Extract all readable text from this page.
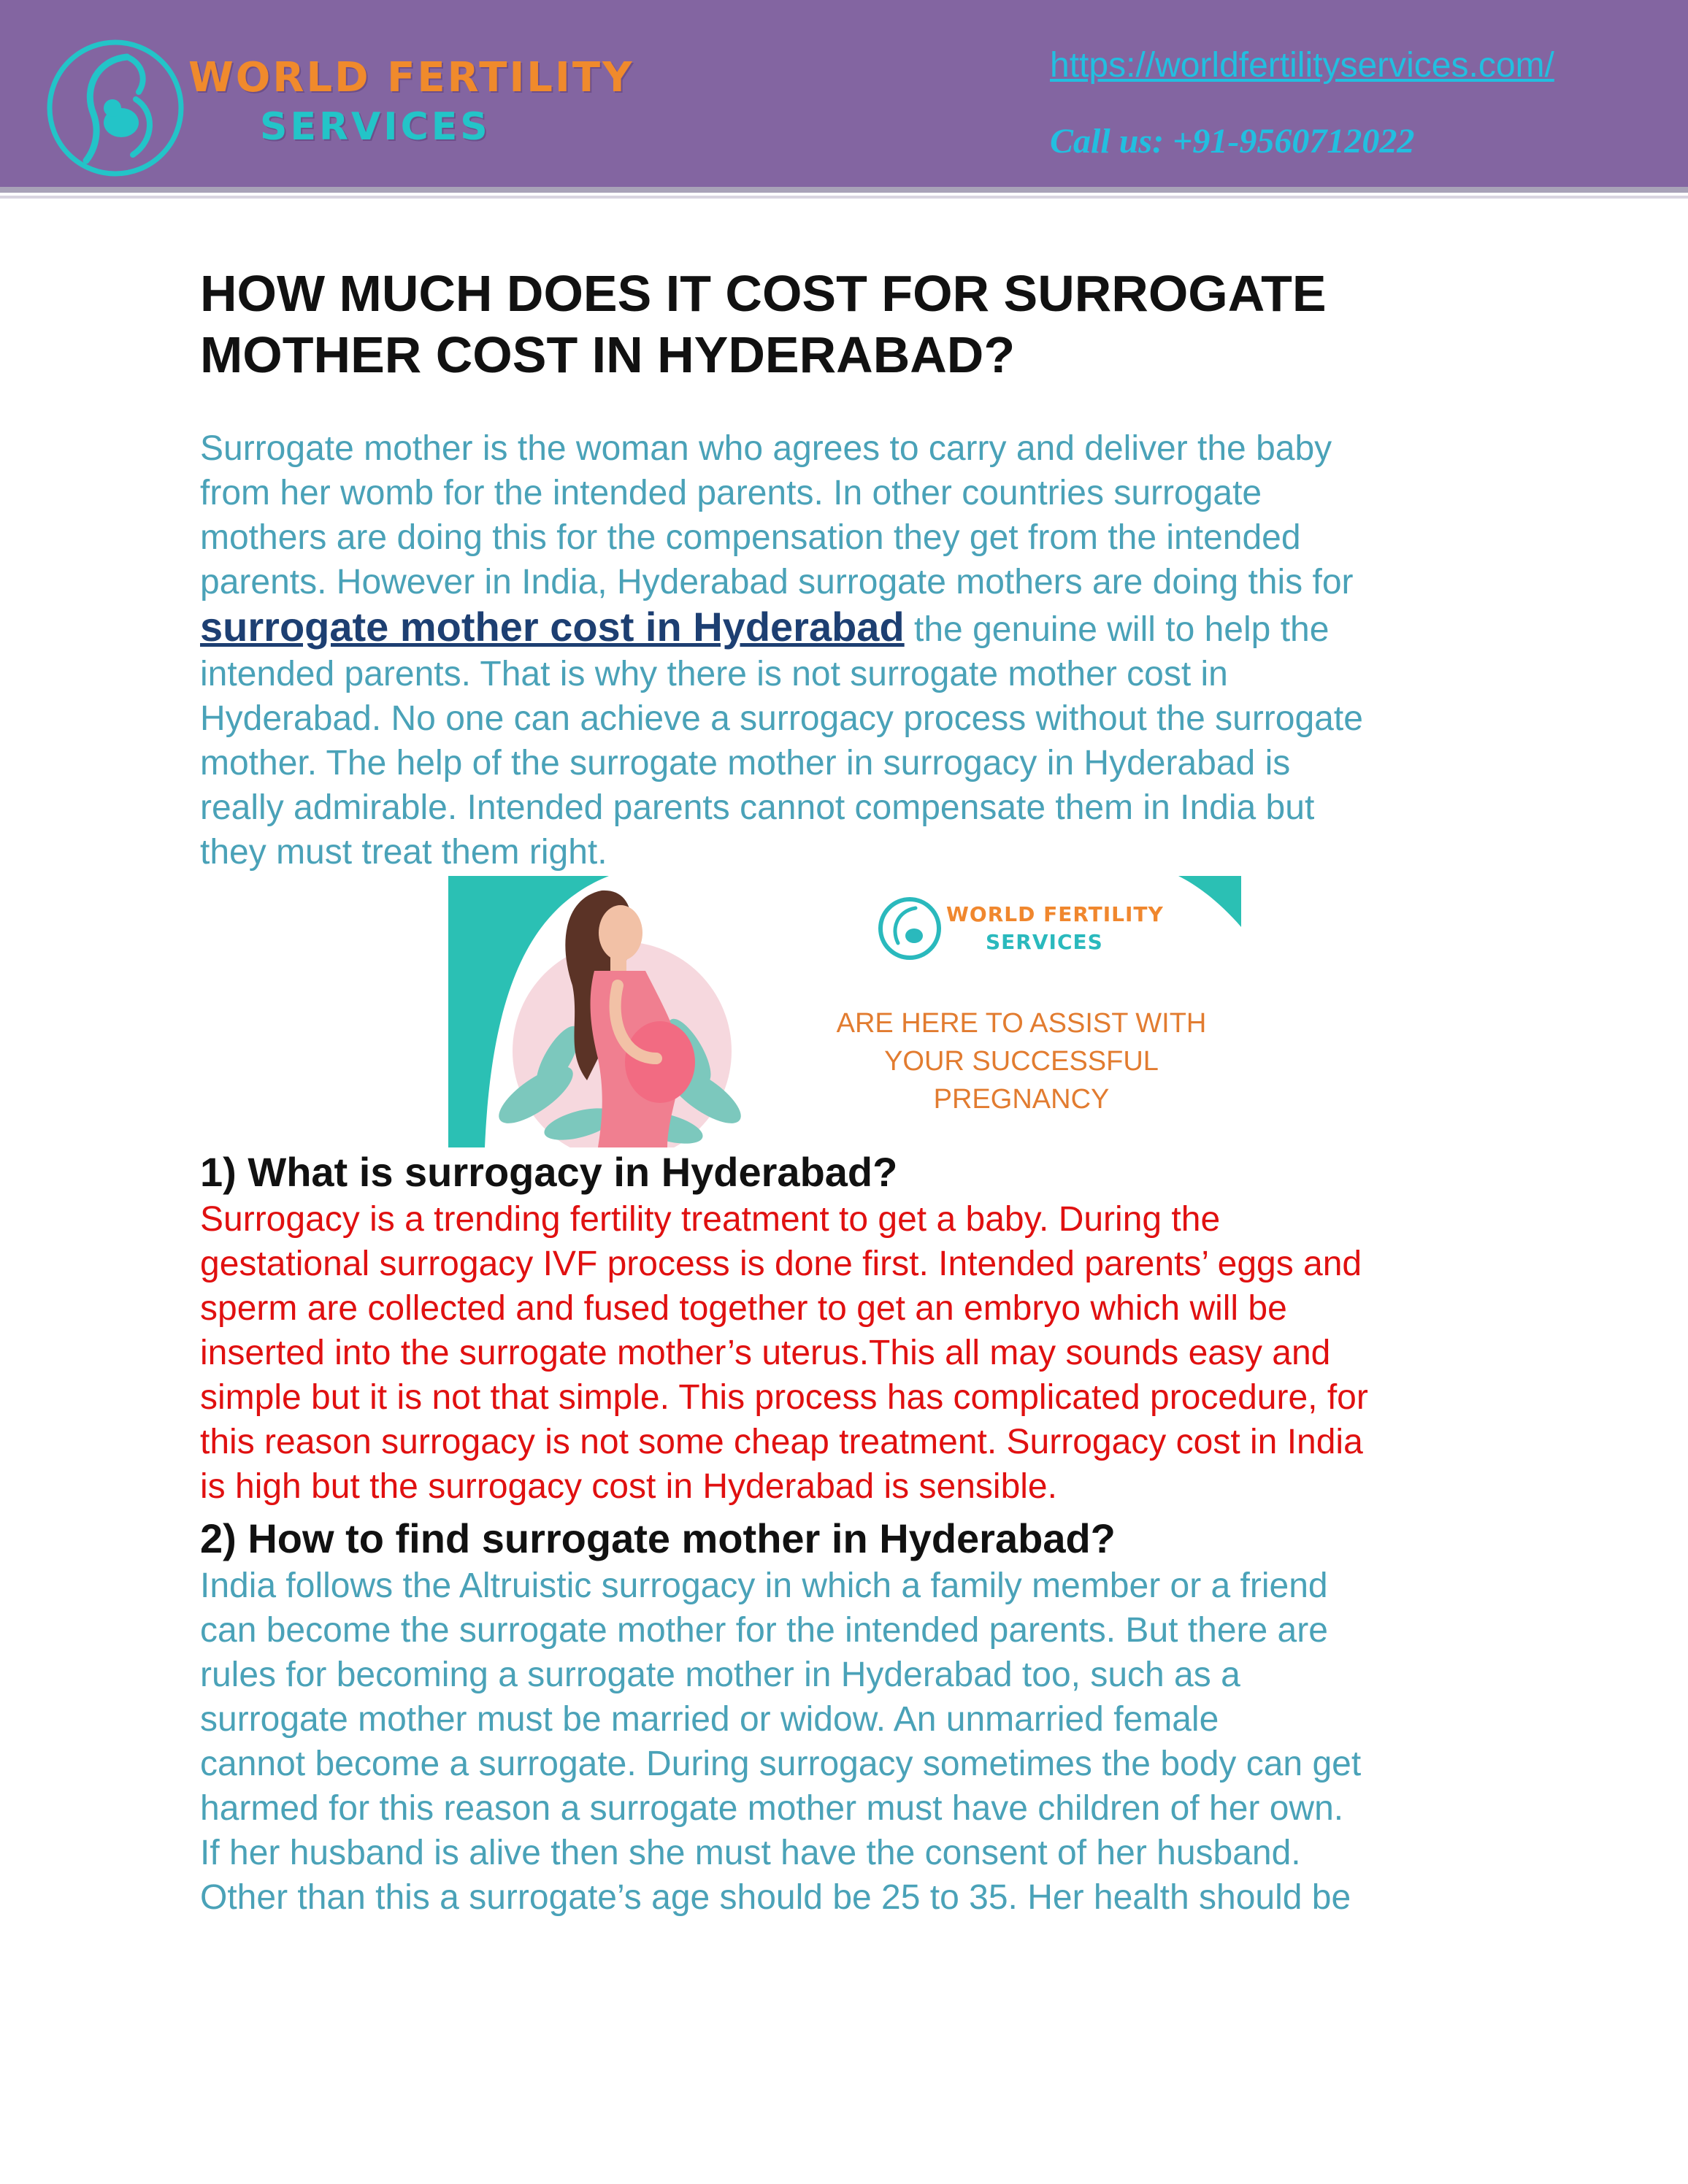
WORLD FERTILITY

SERVICES

https://worldfertilityservices.com/
Call us: +91-9560712022
HOW MUCH DOES IT COST FOR SURROGATE
MOTHER COST IN HYDERABAD?

Surrogate mother is the woman who agrees to carry and deliver the baby
from her womb for the intended parents. In other countries surrogate
mothers are doing this for the compensation they get from the intended
parents. However in India, Hyderabad surrogate mothers are doing this for
surrogate mother cost in Hyderabad the genuine will to help the
intended parents. That is why there is not surrogate mother cost in
Hyderabad. No one can achieve a surrogacy process without the surrogate
mother. The help of the surrogate mother in surrogacy in Hyderabad is
really admirable. Intended parents cannot compensate them in India but
they must treat them right.

WORLD FERTILITY
SERVICES
ARE HERE TO ASSIST WITH
YOUR SUCCESSFUL
PREGNANCY
1) What is surrogacy in Hyderabad?

Surrogacy is a trending fertility treatment to get a baby. During the
gestational surrogacy IVF process is done first. Intended parents’ eggs and
sperm are collected and fused together to get an embryo which will be
inserted into the surrogate mother’s uterus.This all may sounds easy and
simple but it is not that simple. This process has complicated procedure, for
this reason surrogacy is not some cheap treatment. Surrogacy cost in India
is high but the surrogacy cost in Hyderabad is sensible.

2) How to find surrogate mother in Hyderabad?

India follows the Altruistic surrogacy in which a family member or a friend
can become the surrogate mother for the intended parents. But there are
rules for becoming a surrogate mother in Hyderabad too, such as a
surrogate mother must be married or widow. An unmarried female
cannot become a surrogate. During surrogacy sometimes the body can get
harmed for this reason a surrogate mother must have children of her own.
If her husband is alive then she must have the consent of her husband.
Other than this a surrogate’s age should be 25 to 35. Her health should be
